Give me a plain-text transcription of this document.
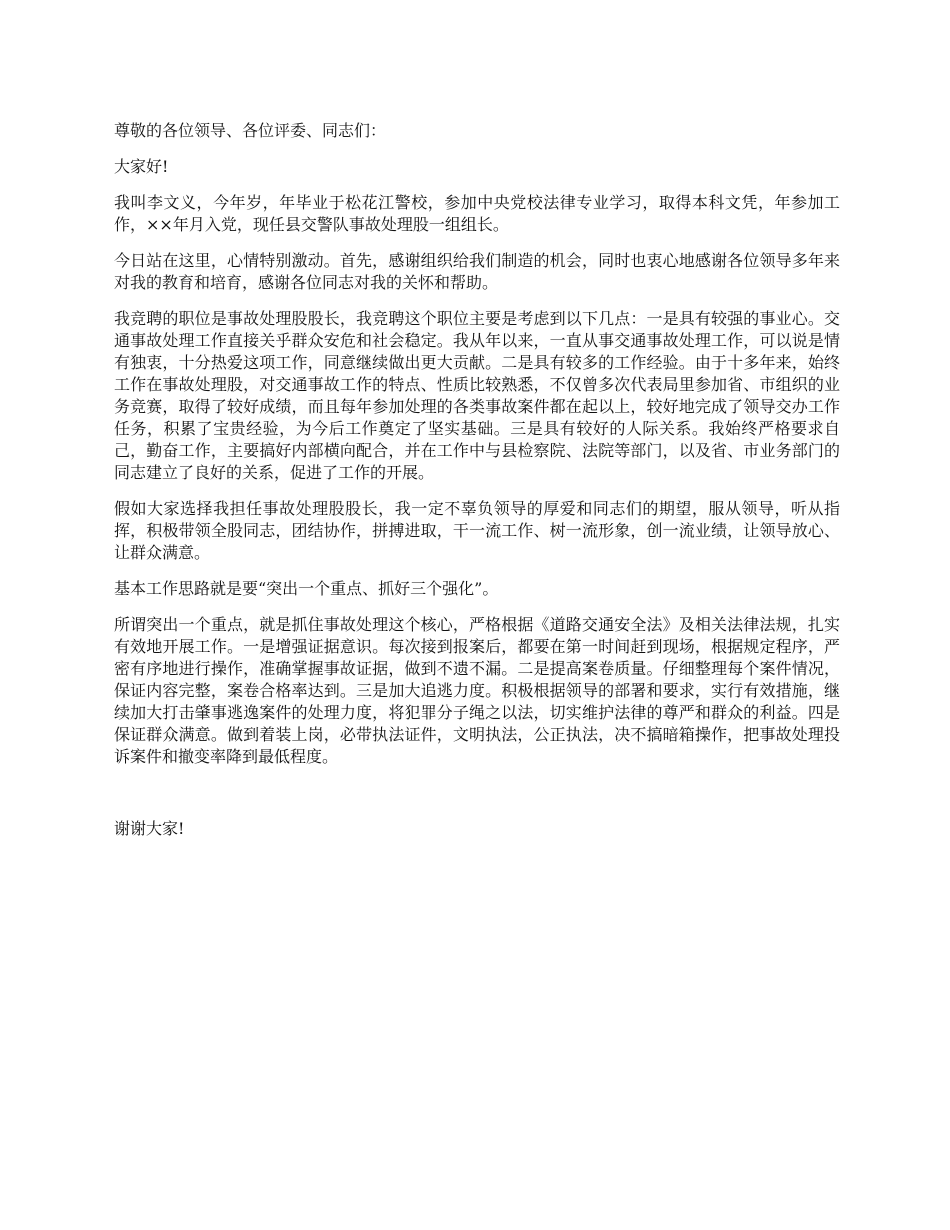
尊敬的各位领导、各位评委、同志们：

大家好!

我叫李文义，今年岁，年毕业于松花江警校，参加中央党校法律专业学习，取得本科文凭，年参加工作，××年月入党，现任县交警队事故处理股一组组长。

今日站在这里，心情特别激动。首先，感谢组织给我们制造的机会，同时也衷心地感谢各位领导多年来对我的教育和培育，感谢各位同志对我的关怀和帮助。

我竞聘的职位是事故处理股股长，我竞聘这个职位主要是考虑到以下几点：一是具有较强的事业心。交通事故处理工作直接关乎群众安危和社会稳定。我从年以来，一直从事交通事故处理工作，可以说是情有独衷，十分热爱这项工作，同意继续做出更大贡献。二是具有较多的工作经验。由于十多年来，始终工作在事故处理股，对交通事故工作的特点、性质比较熟悉，不仅曾多次代表局里参加省、市组织的业务竞赛，取得了较好成绩，而且每年参加处理的各类事故案件都在起以上，较好地完成了领导交办工作任务，积累了宝贵经验，为今后工作奠定了坚实基础。三是具有较好的人际关系。我始终严格要求自己，勤奋工作，主要搞好内部横向配合，并在工作中与县检察院、法院等部门，以及省、市业务部门的同志建立了良好的关系，促进了工作的开展。

假如大家选择我担任事故处理股股长，我一定不辜负领导的厚爱和同志们的期望，服从领导，听从指挥，积极带领全股同志，团结协作，拼搏进取，干一流工作、树一流形象，创一流业绩，让领导放心、让群众满意。

基本工作思路就是要“突出一个重点、抓好三个强化”。

所谓突出一个重点，就是抓住事故处理这个核心，严格根据《道路交通安全法》及相关法律法规，扎实有效地开展工作。一是增强证据意识。每次接到报案后，都要在第一时间赶到现场，根据规定程序，严密有序地进行操作，准确掌握事故证据，做到不遗不漏。二是提高案卷质量。仔细整理每个案件情况，保证内容完整，案卷合格率达到。三是加大追逃力度。积极根据领导的部署和要求，实行有效措施，继续加大打击肇事逃逸案件的处理力度，将犯罪分子绳之以法，切实维护法律的尊严和群众的利益。四是保证群众满意。做到着装上岗，必带执法证件，文明执法，公正执法，决不搞暗箱操作，把事故处理投诉案件和撤变率降到最低程度。

谢谢大家!
